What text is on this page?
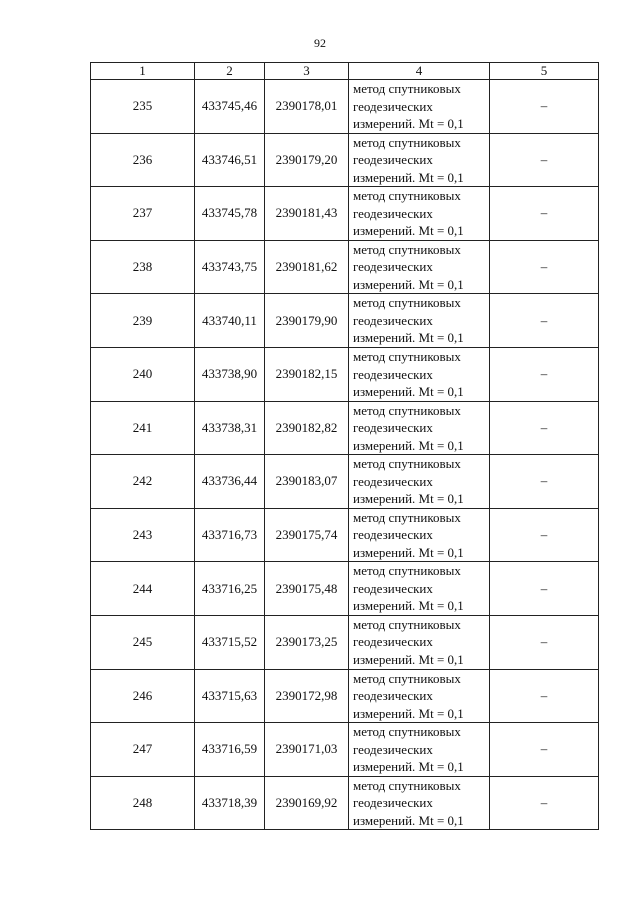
92
1	2	3	4	5
235	433745,46	2390178,01	метод спутниковых
геодезических
измерений. Mt = 0,1	–
236	433746,51	2390179,20	метод спутниковых
геодезических
измерений. Mt = 0,1	–
237	433745,78	2390181,43	метод спутниковых
геодезических
измерений. Mt = 0,1	–
238	433743,75	2390181,62	метод спутниковых
геодезических
измерений. Mt = 0,1	–
239	433740,11	2390179,90	метод спутниковых
геодезических
измерений. Mt = 0,1	–
240	433738,90	2390182,15	метод спутниковых
геодезических
измерений. Mt = 0,1	–
241	433738,31	2390182,82	метод спутниковых
геодезических
измерений. Mt = 0,1	–
242	433736,44	2390183,07	метод спутниковых
геодезических
измерений. Mt = 0,1	–
243	433716,73	2390175,74	метод спутниковых
геодезических
измерений. Mt = 0,1	–
244	433716,25	2390175,48	метод спутниковых
геодезических
измерений. Mt = 0,1	–
245	433715,52	2390173,25	метод спутниковых
геодезических
измерений. Mt = 0,1	–
246	433715,63	2390172,98	метод спутниковых
геодезических
измерений. Mt = 0,1	–
247	433716,59	2390171,03	метод спутниковых
геодезических
измерений. Mt = 0,1	–
248	433718,39	2390169,92	метод спутниковых
геодезических
измерений. Mt = 0,1	–
